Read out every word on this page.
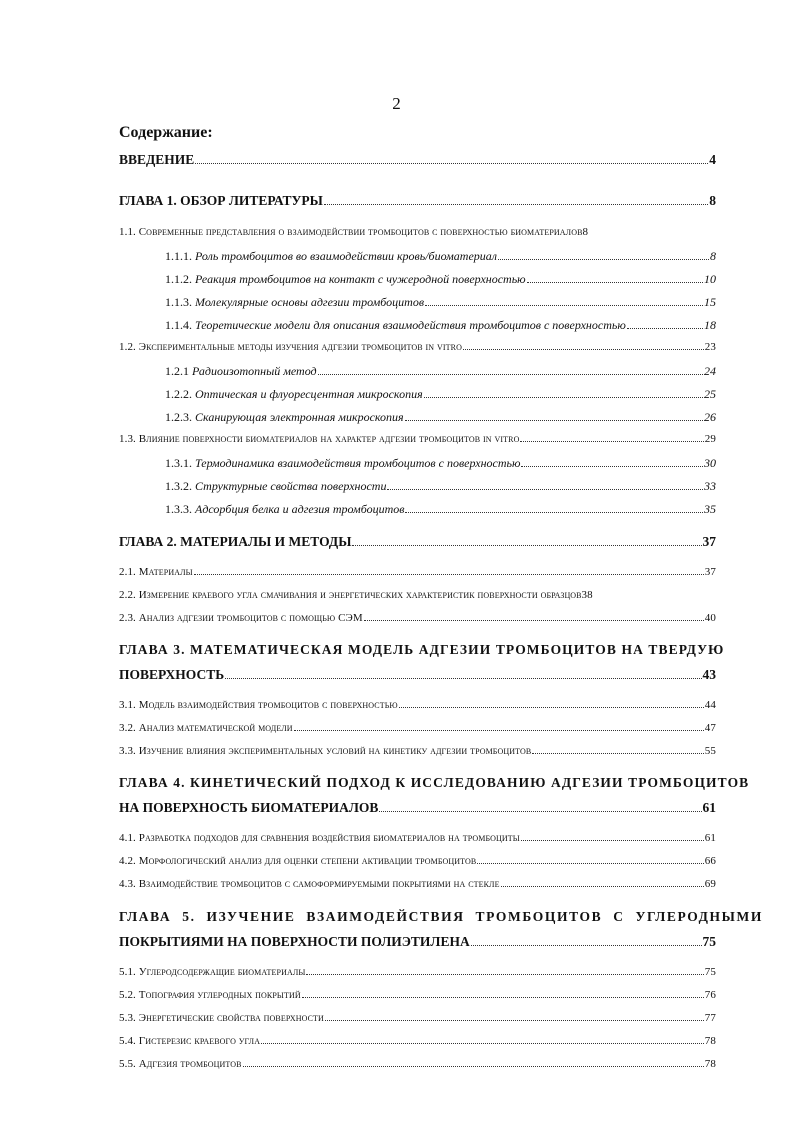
2
Содержание:
ВВЕДЕНИЕ	4
ГЛАВА 1. ОБЗОР ЛИТЕРАТУРЫ	8
1.1. Современные представления о взаимодействии тромбоцитов с поверхностью биоматериалов 8
1.1.1. Роль тромбоцитов во взаимодействии кровь/биоматериал	8
1.1.2. Реакция тромбоцитов на контакт с чужеродной поверхностью	10
1.1.3. Молекулярные основы адгезии тромбоцитов	15
1.1.4. Теоретические модели для описания взаимодействия тромбоцитов с поверхностью	18
1.2. Экспериментальные методы изучения адгезии тромбоцитов in vitro	23
1.2.1 Радиоизотопный метод	24
1.2.2. Оптическая и флуоресцентная микроскопия	25
1.2.3. Сканирующая электронная микроскопия	26
1.3. Влияние поверхности биоматериалов на характер адгезии тромбоцитов in vitro	29
1.3.1. Термодинамика взаимодействия тромбоцитов с поверхностью	30
1.3.2. Структурные свойства поверхности	33
1.3.3. Адсорбция белка и адгезия тромбоцитов	35
ГЛАВА 2. МАТЕРИАЛЫ И МЕТОДЫ	37
2.1. Материалы	37
2.2. Измерение краевого угла смачивания и энергетических характеристик поверхности образцов 38
2.3. Анализ адгезии тромбоцитов с помощью СЭМ	40
ГЛАВА 3. МАТЕМАТИЧЕСКАЯ МОДЕЛЬ АДГЕЗИИ ТРОМБОЦИТОВ НА ТВЕРДУЮ
ПОВЕРХНОСТЬ	43
3.1. Модель взаимодействия тромбоцитов с поверхностью	44
3.2. Анализ математической модели	47
3.3. Изучение влияния экспериментальных условий на кинетику адгезии тромбоцитов	55
ГЛАВА 4. КИНЕТИЧЕСКИЙ ПОДХОД К ИССЛЕДОВАНИЮ АДГЕЗИИ ТРОМБОЦИТОВ
НА ПОВЕРХНОСТЬ БИОМАТЕРИАЛОВ	61
4.1. Разработка подходов для сравнения воздействия биоматериалов на тромбоциты	61
4.2. Морфологический анализ для оценки степени активации тромбоцитов	66
4.3. Взаимодействие тромбоцитов с самоформируемыми покрытиями на стекле	69
ГЛАВА 5. ИЗУЧЕНИЕ ВЗАИМОДЕЙСТВИЯ ТРОМБОЦИТОВ С УГЛЕРОДНЫМИ
ПОКРЫТИЯМИ НА ПОВЕРХНОСТИ ПОЛИЭТИЛЕНА	75
5.1. Углеродсодержащие биоматериалы	75
5.2. Топография углеродных покрытий	76
5.3. Энергетические свойства поверхности	77
5.4. Гистерезис краевого угла	78
5.5. Адгезия тромбоцитов	78
